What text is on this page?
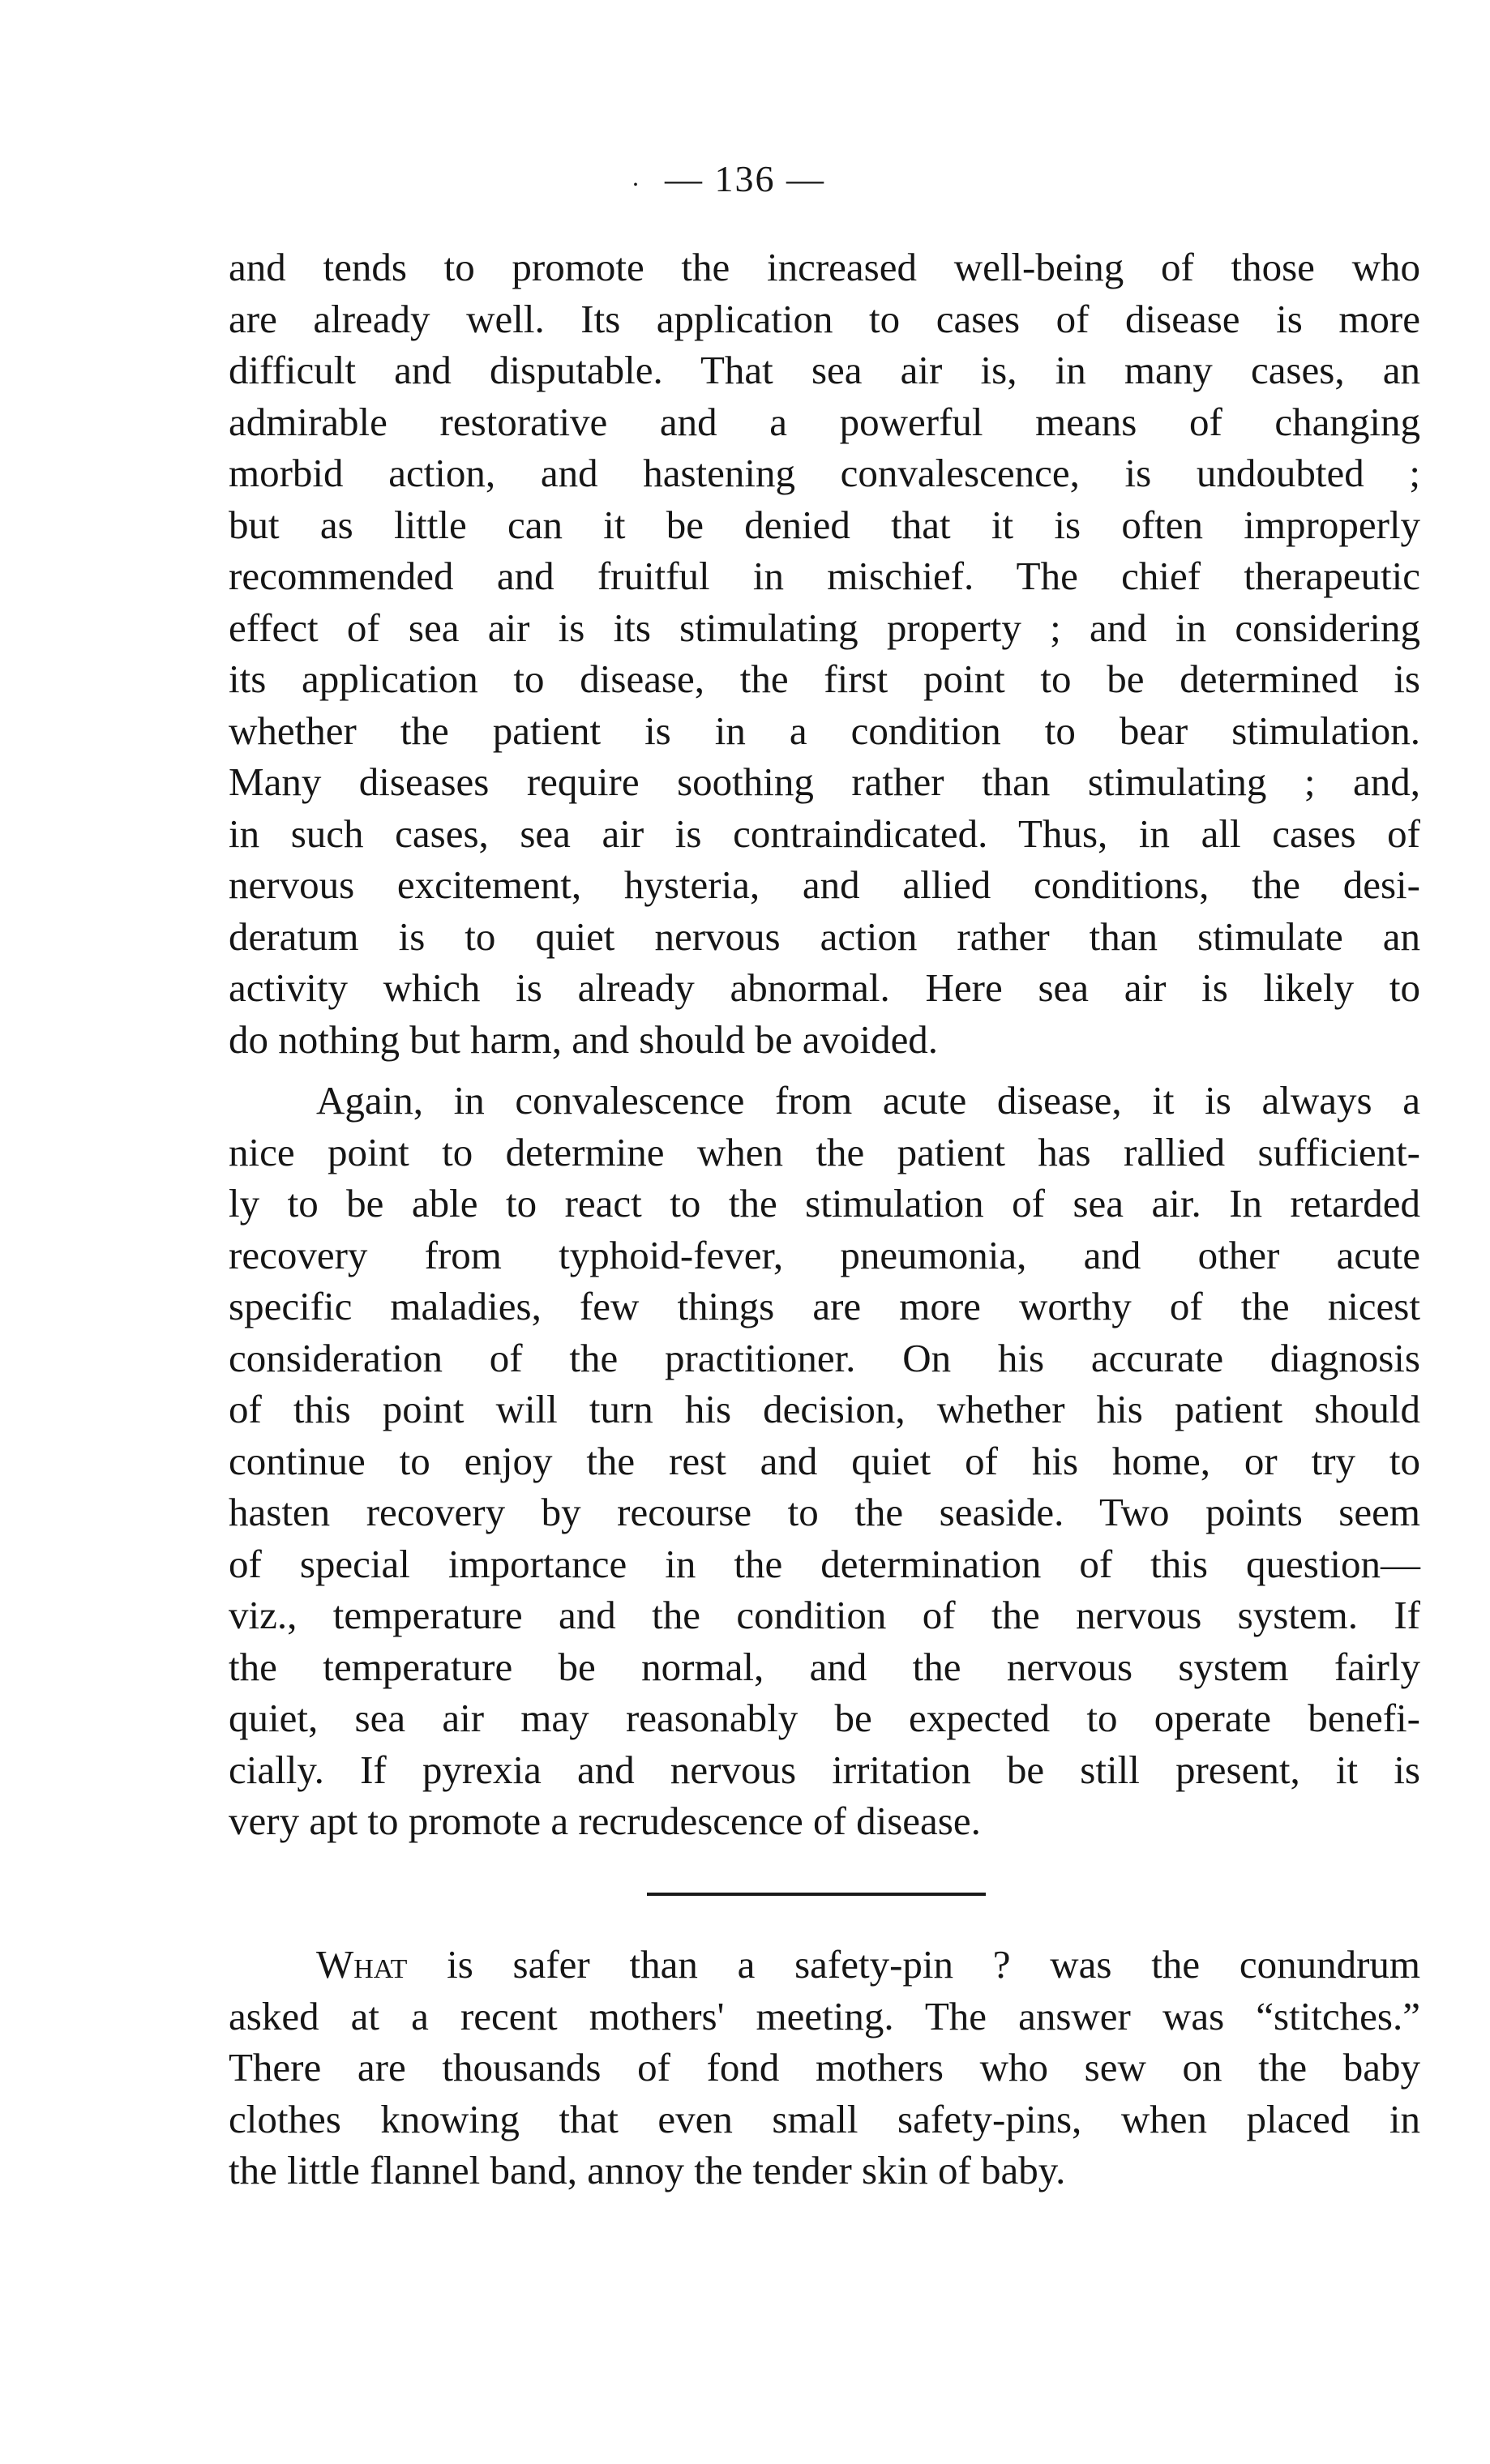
. — 136 —
and tends to promote the increased well-being of those who
are already well. Its application to cases of disease is more
difficult and disputable. That sea air is, in many cases, an
admirable restorative and a powerful means of changing
morbid action, and hastening convalescence, is undoubted ;
but as little can it be denied that it is often improperly
recommended and fruitful in mischief. The chief therapeutic
effect of sea air is its stimulating property ; and in considering
its application to disease, the first point to be determined is
whether the patient is in a condition to bear stimulation.
Many diseases require soothing rather than stimulating ; and,
in such cases, sea air is contraindicated. Thus, in all cases of
nervous excitement, hysteria, and allied conditions, the desi-
deratum is to quiet nervous action rather than stimulate an
activity which is already abnormal. Here sea air is likely to
do nothing but harm, and should be avoided.
Again, in convalescence from acute disease, it is always a
nice point to determine when the patient has rallied sufficient-
ly to be able to react to the stimulation of sea air. In retarded
recovery from typhoid-fever, pneumonia, and other acute
specific maladies, few things are more worthy of the nicest
consideration of the practitioner. On his accurate diagnosis
of this point will turn his decision, whether his patient should
continue to enjoy the rest and quiet of his home, or try to
hasten recovery by recourse to the seaside. Two points seem
of special importance in the determination of this question—
viz., temperature and the condition of the nervous system. If
the temperature be normal, and the nervous system fairly
quiet, sea air may reasonably be expected to operate benefi-
cially. If pyrexia and nervous irritation be still present, it is
very apt to promote a recrudescence of disease.
What is safer than a safety-pin ? was the conundrum
asked at a recent mothers' meeting. The answer was “stitches.”
There are thousands of fond mothers who sew on the baby
clothes knowing that even small safety-pins, when placed in
the little flannel band, annoy the tender skin of baby.
